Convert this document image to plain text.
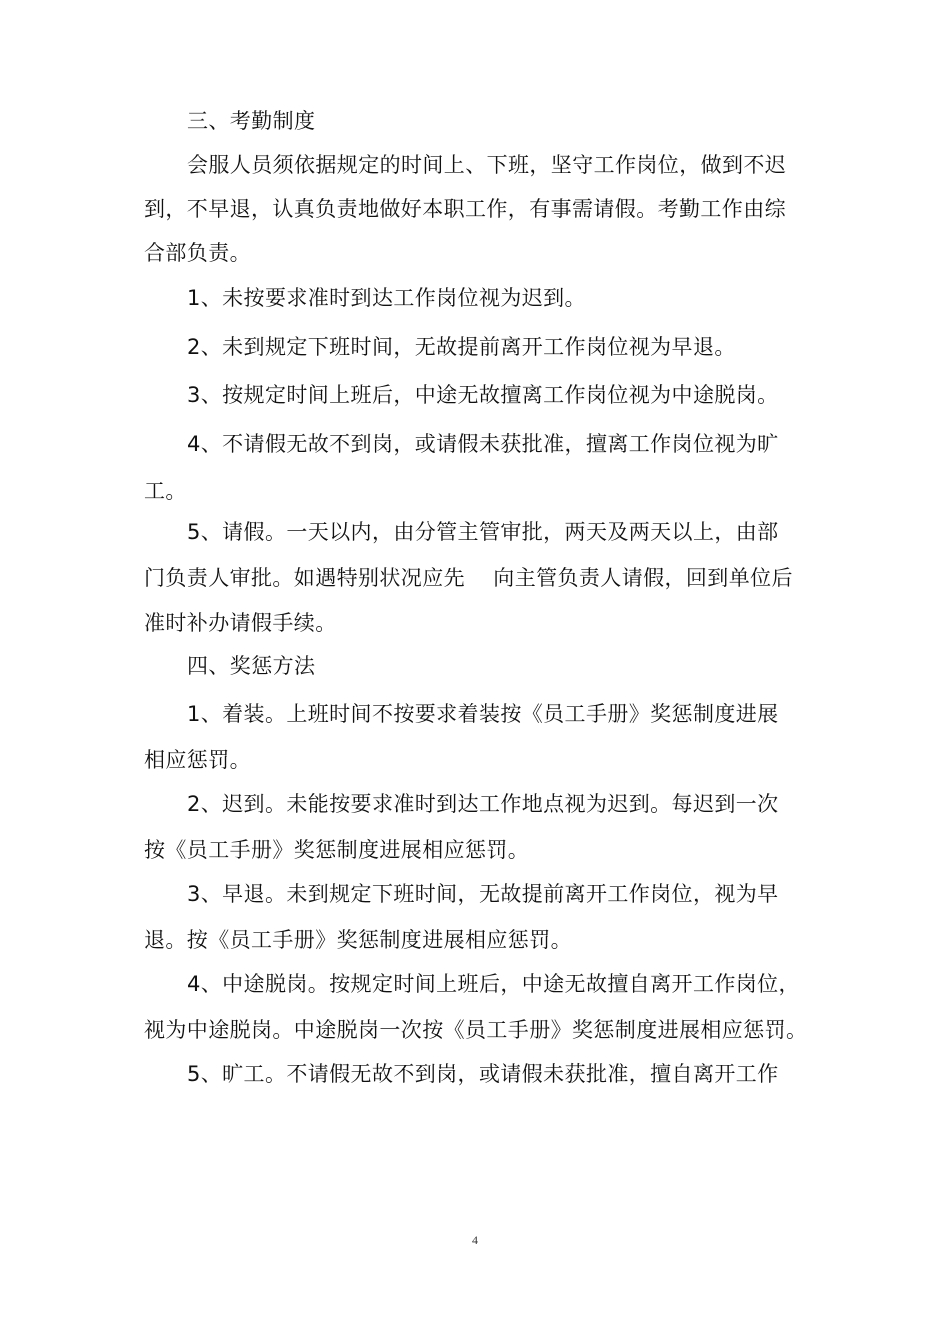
三、考勤制度
会服人员须依据规定的时间上、下班，坚守工作岗位，做到不迟
到，不早退，认真负责地做好本职工作，有事需请假。考勤工作由综
合部负责。
1、未按要求准时到达工作岗位视为迟到。
2、未到规定下班时间，无故提前离开工作岗位视为早退。
3、按规定时间上班后，中途无故擅离工作岗位视为中途脱岗。
4、不请假无故不到岗，或请假未获批准，擅离工作岗位视为旷
工。
5、请假。一天以内，由分管主管审批，两天及两天以上，由部
门负责人审批。如遇特别状况应先    向主管负责人请假，回到单位后
准时补办请假手续。
四、奖惩方法
1、着装。上班时间不按要求着装按《员工手册》奖惩制度进展
相应惩罚。
2、迟到。未能按要求准时到达工作地点视为迟到。每迟到一次
按《员工手册》奖惩制度进展相应惩罚。
3、早退。未到规定下班时间，无故提前离开工作岗位，视为早
退。按《员工手册》奖惩制度进展相应惩罚。
4、中途脱岗。按规定时间上班后，中途无故擅自离开工作岗位，
视为中途脱岗。中途脱岗一次按《员工手册》奖惩制度进展相应惩罚。
5、旷工。不请假无故不到岗，或请假未获批准，擅自离开工作
4
